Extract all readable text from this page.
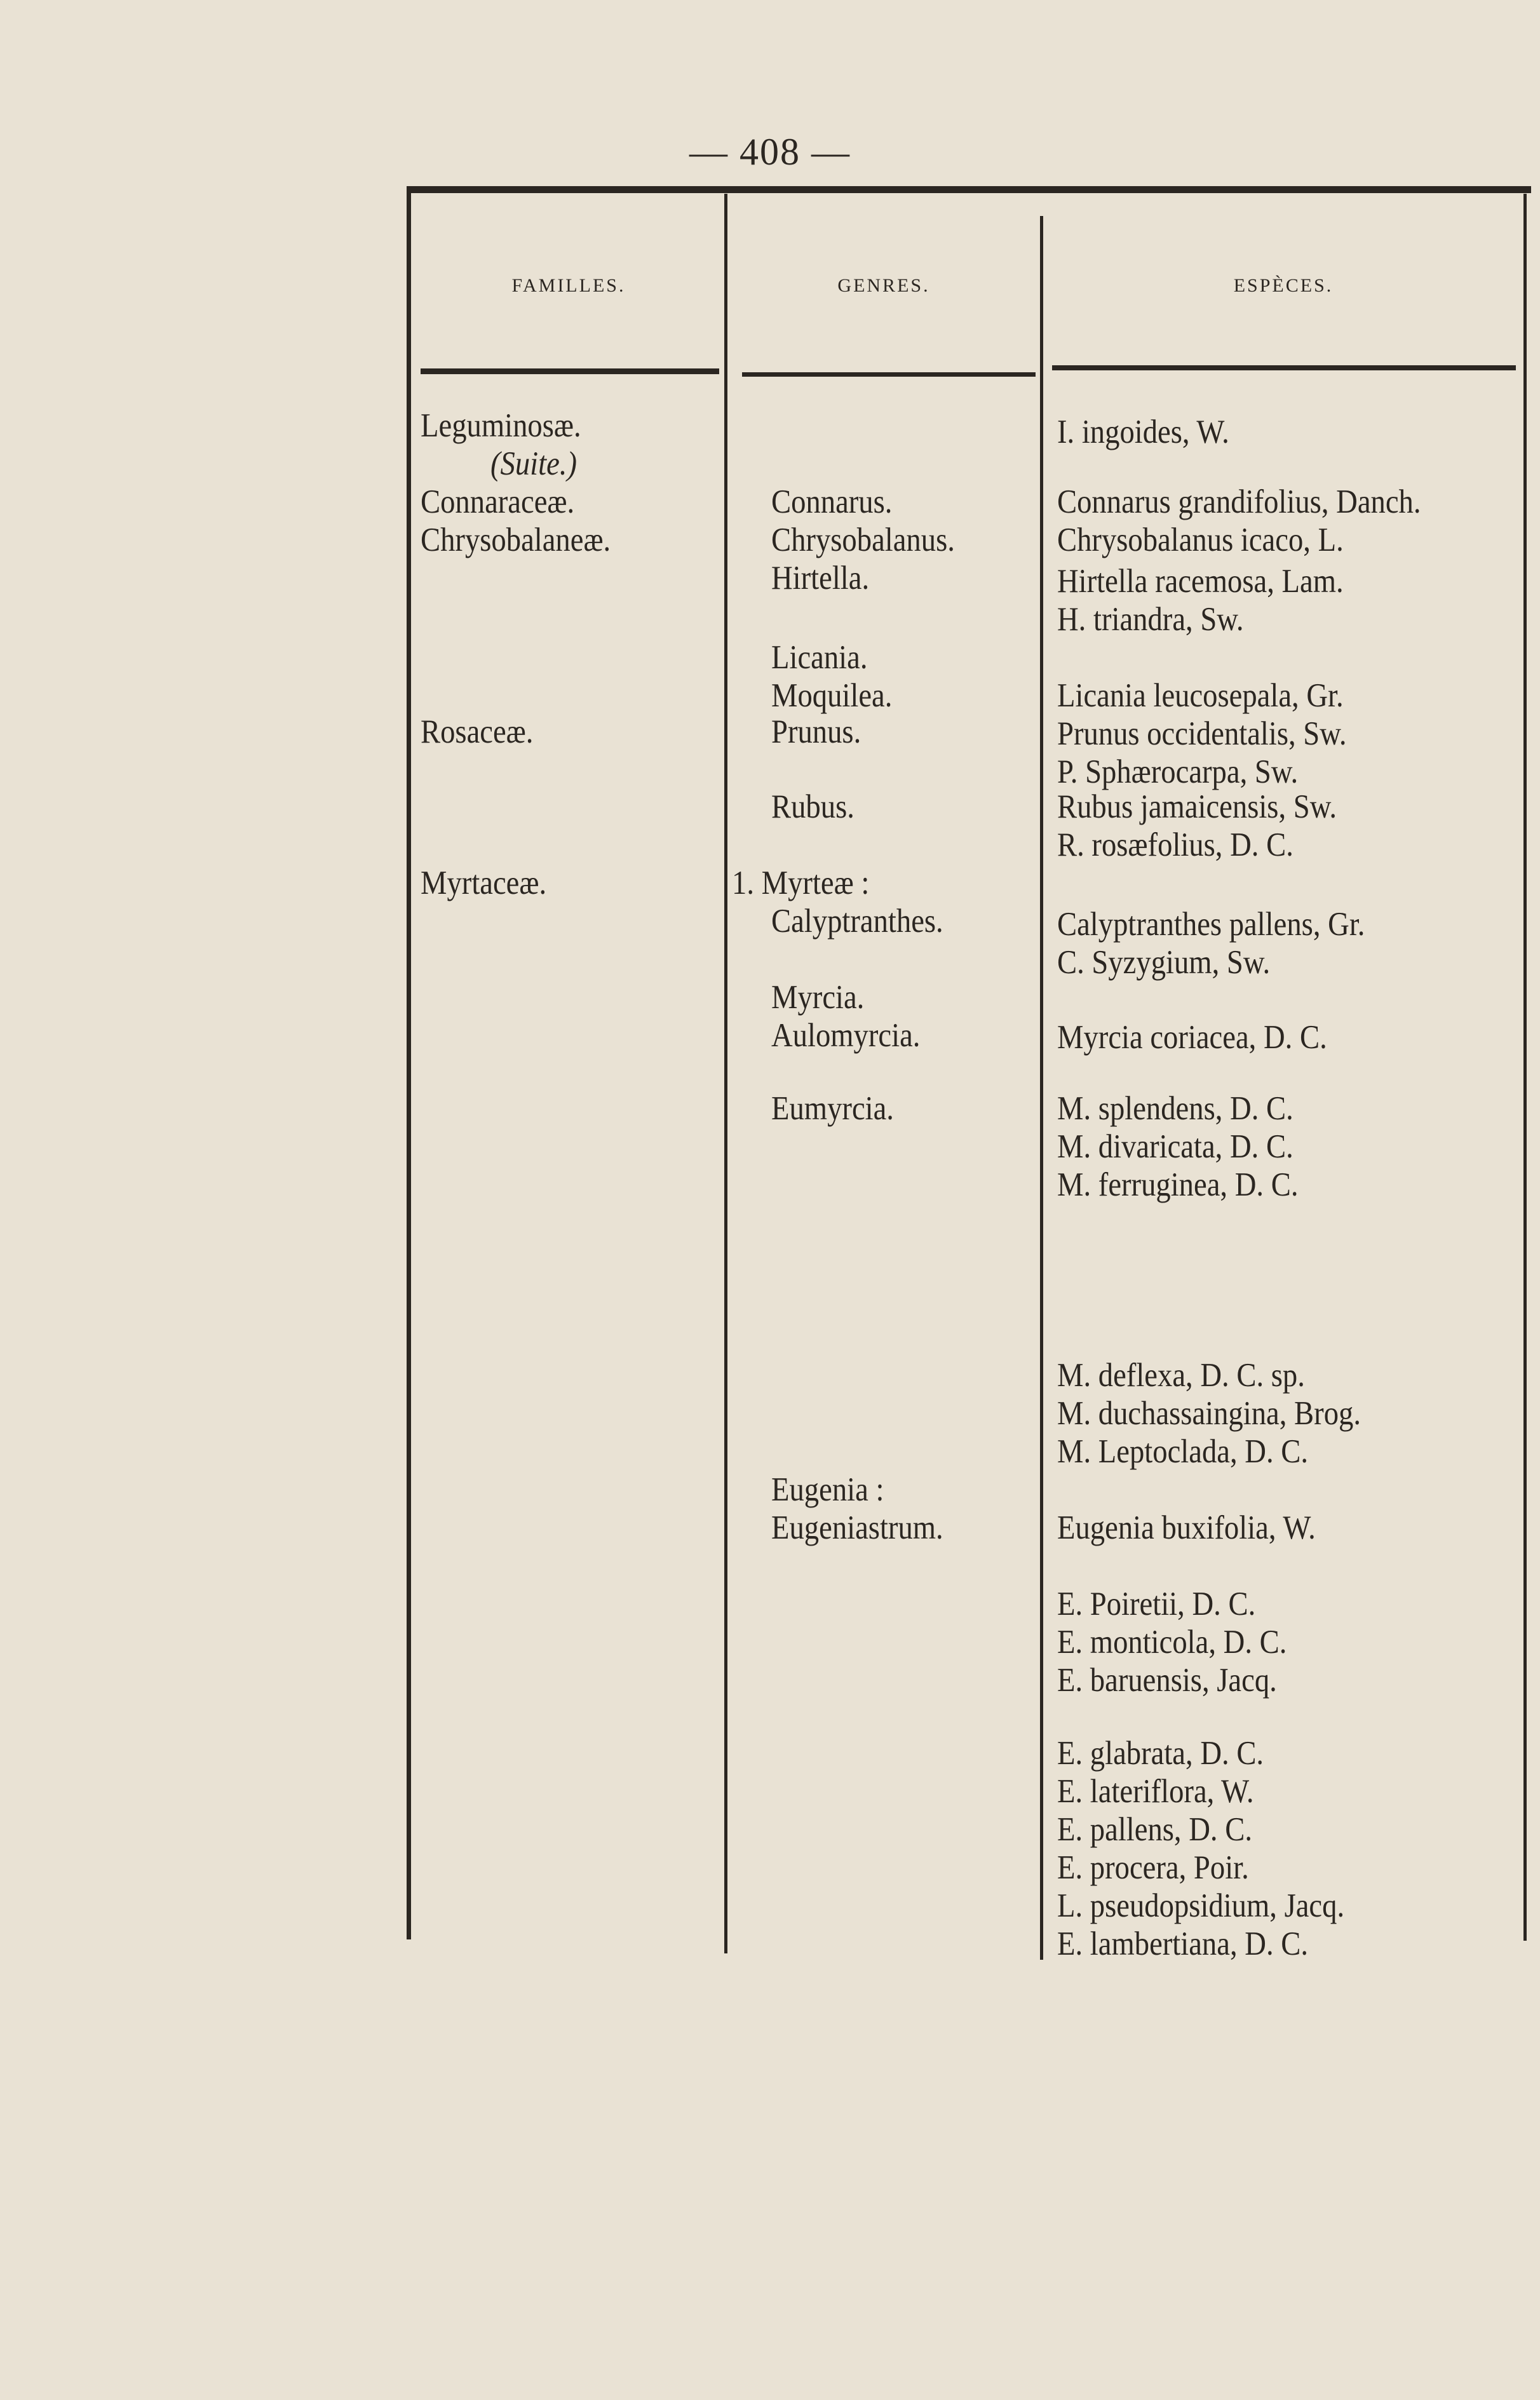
— 408 —
FAMILLES.	GENRES.	ESPÈCES.
Leguminosæ.
(Suite.)
Connaraceæ.
Chrysobalaneæ.
Rosaceæ.
Myrtaceæ.
Connarus.
Chrysobalanus.
Hirtella.
Licania.
Moquilea.
Prunus.
Rubus.
1. Myrteæ :
Calyptranthes.
Myrcia.
Aulomyrcia.
Eumyrcia.
Eugenia :
Eugeniastrum.
I. ingoides, W.
Connarus grandifolius, Danch.
Chrysobalanus icaco, L.
Hirtella racemosa, Lam.
H. triandra, Sw.
Licania leucosepala, Gr.
Prunus occidentalis, Sw.
P. Sphærocarpa, Sw.
Rubus jamaicensis, Sw.
R. rosæfolius, D. C.
Calyptranthes pallens, Gr.
C. Syzygium, Sw.
Myrcia coriacea, D. C.
M. splendens, D. C.
M. divaricata, D. C.
M. ferruginea, D. C.
M. deflexa, D. C. sp.
M. duchassaingina, Brog.
M. Leptoclada, D. C.
Eugenia buxifolia, W.
E. Poiretii, D. C.
E. monticola, D. C.
E. baruensis, Jacq.
E. glabrata, D. C.
E. lateriflora, W.
E. pallens, D. C.
E. procera, Poir.
L. pseudopsidium, Jacq.
E. lambertiana, D. C.
